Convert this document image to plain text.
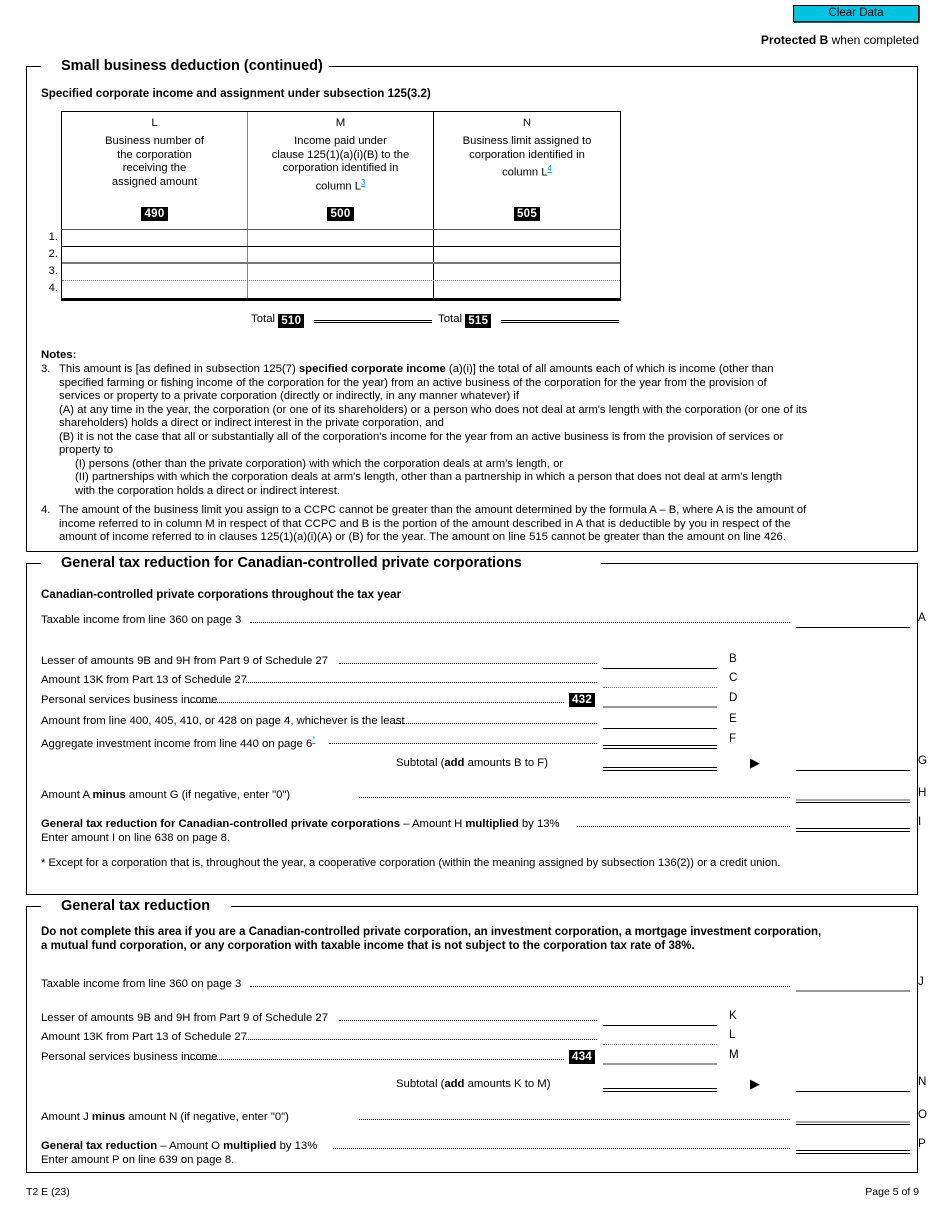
Clear Data
Protected B when completed
Small business deduction (continued)
Specified corporate income and assignment under subsection 125(3.2)
L
Business number of
the corporation
receiving the
assigned amount
490
M
Income paid under
clause 125(1)(a)(i)(B) to the
corporation identified in
column $L^3$
500
N
Business limit assigned to
corporation identified in
column $L^4$
505
1.
2.
3.
4.
Total 510	Total 515
Notes:
3. This amount is [as defined in subsection 125(7) specified corporate income (a)(i)] the total of all amounts each of which is income (other than

specified farming or fishing income of the corporation for the year) from an active business of the corporation for the year from the provision of

services or property to a private corporation (directly or indirectly, in any manner whatever) if

(A) at any time in the year, the corporation (or one of its shareholders) or a person who does not deal at arm's length with the corporation (or one of its

shareholders) holds a direct or indirect interest in the private corporation, and

(B) it is not the case that all or substantially all of the corporation's income for the year from an active business is from the provision of services or

property to

(I) persons (other than the private corporation) with which the corporation deals at arm's length, or

(II) partnerships with which the corporation deals at arm's length, other than a partnership in which a person that does not deal at arm's length

with the corporation holds a direct or indirect interest.

4. The amount of the business limit you assign to a CCPC cannot be greater than the amount determined by the formula A – B, where A is the amount of

income referred to in column M in respect of that CCPC and B is the portion of the amount described in A that is deductible by you in respect of the

amount of income referred to in clauses 125(1)(a)(i)(A) or (B) for the year. The amount on line 515 cannot be greater than the amount on line 426.

General tax reduction for Canadian-controlled private corporations
Canadian-controlled private corporations throughout the tax year
Taxable income from line 360 on page 3	A
Lesser of amounts 9B and 9H from Part 9 of Schedule 27	B
Amount 13K from Part 13 of Schedule 27	C
Personal services business income	432	D
Amount from line 400, 405, 410, or 428 on page 4, whichever is the least	E
Aggregate investment income from line 440 on page 6*	F
Subtotal (add amounts B to F)	▶	G
Amount A minus amount G (if negative, enter "0")	H
General tax reduction for Canadian-controlled private corporations – Amount H multiplied by 13%	I
Enter amount I on line 638 on page 8.
* Except for a corporation that is, throughout the year, a cooperative corporation (within the meaning assigned by subsection 136(2)) or a credit union.
General tax reduction
Do not complete this area if you are a Canadian-controlled private corporation, an investment corporation, a mortgage investment corporation,
a mutual fund corporation, or any corporation with taxable income that is not subject to the corporation tax rate of 38%.
Taxable income from line 360 on page 3	J
Lesser of amounts 9B and 9H from Part 9 of Schedule 27	K
Amount 13K from Part 13 of Schedule 27	L
Personal services business income	434	M
Subtotal (add amounts K to M)	▶	N
Amount J minus amount N (if negative, enter "0")	O
General tax reduction – Amount O multiplied by 13%	P
Enter amount P on line 639 on page 8.
T2 E (23)	Page 5 of 9
